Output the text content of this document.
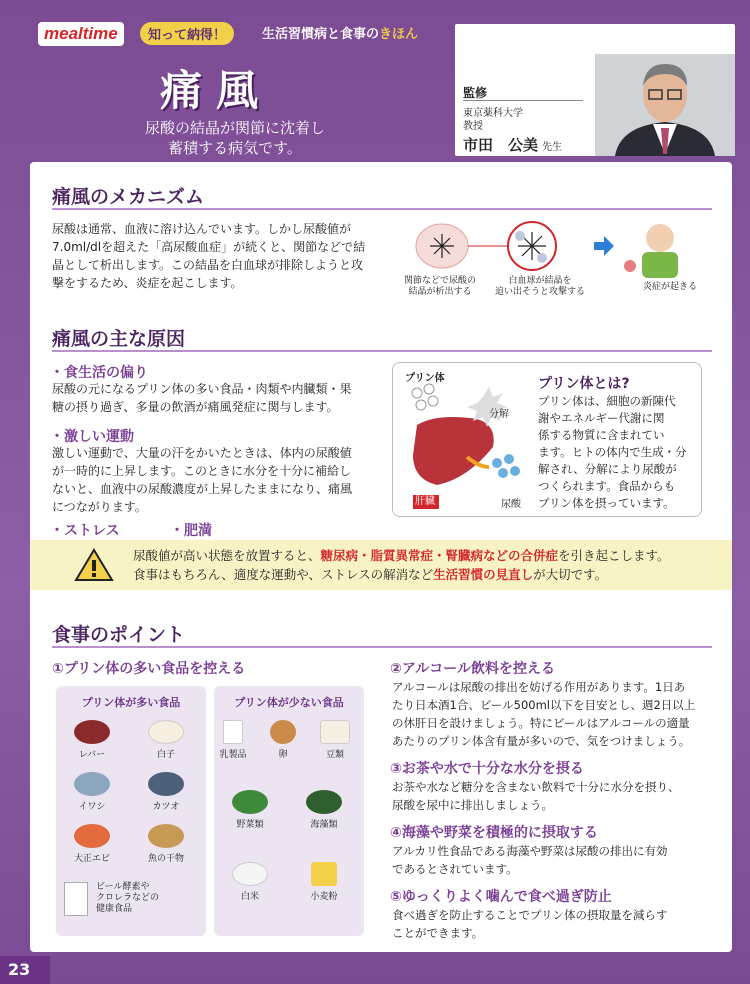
mealtime	知って納得！	生活習慣病と食事のきほん
痛風
尿酸の結晶が関節に沈着し
蓄積する病気です。
監修
東京薬科大学
教授
市田　公美 先生
痛風のメカニズム
尿酸は通常、血液に溶け込んでいます。しかし尿酸値が
7.0ml/dlを超えた「高尿酸血症」が続くと、関節などで結
晶として析出します。この結晶を白血球が排除しようと攻
撃をするため、炎症を起こします。	関節などで尿酸の
結晶が析出する
白血球が結晶を
追い出そうと攻撃する	炎症が起きる
痛風の主な原因
・食生活の偏り
尿酸の元になるプリン体の多い食品・肉類や内臓類・果
糖の摂り過ぎ、多量の飲酒が痛風発症に関与します。
・激しい運動
激しい運動で、大量の汗をかいたときは、体内の尿酸値
が一時的に上昇します。このときに水分を十分に補給し
ないと、血液中の尿酸濃度が上昇したままになり、痛風
につながります。
・ストレス	・肥満
プリン体
分解
肝臓	尿酸
プリン体とは?
プリン体は、細胞の新陳代
謝やエネルギー代謝に関
係する物質に含まれてい
ます。ヒトの体内で生成・分
解され、分解により尿酸が
つくられます。食品からも
プリン体を摂っています。
尿酸値が高い状態を放置すると、糖尿病・脂質異常症・腎臓病などの合併症を引き起こします。
食事はもちろん、適度な運動や、ストレスの解消など生活習慣の見直しが大切です。
食事のポイント
①プリン体の多い食品を控える
プリン体が多い食品
レバー	白子
イワシ	カツオ
大正エビ	魚の干物
ビール酵素や
クロレラなどの
健康食品
プリン体が少ない食品
乳製品	卵	豆類
野菜類	海藻類
白米	小麦粉
②アルコール飲料を控える
アルコールは尿酸の排出を妨げる作用があります。1日あ
たり日本酒1合、ビール500ml以下を目安とし、週2日以上
の休肝日を設けましょう。特にビールはアルコールの適量
あたりのプリン体含有量が多いので、気をつけましょう。
③お茶や水で十分な水分を摂る
お茶や水など糖分を含まない飲料で十分に水分を摂り、
尿酸を尿中に排出しましょう。
④海藻や野菜を積極的に摂取する
アルカリ性食品である海藻や野菜は尿酸の排出に有効
であるとされています。
⑤ゆっくりよく噛んで食べ過ぎ防止
食べ過ぎを防止することでプリン体の摂取量を減らす
ことができます。
23
